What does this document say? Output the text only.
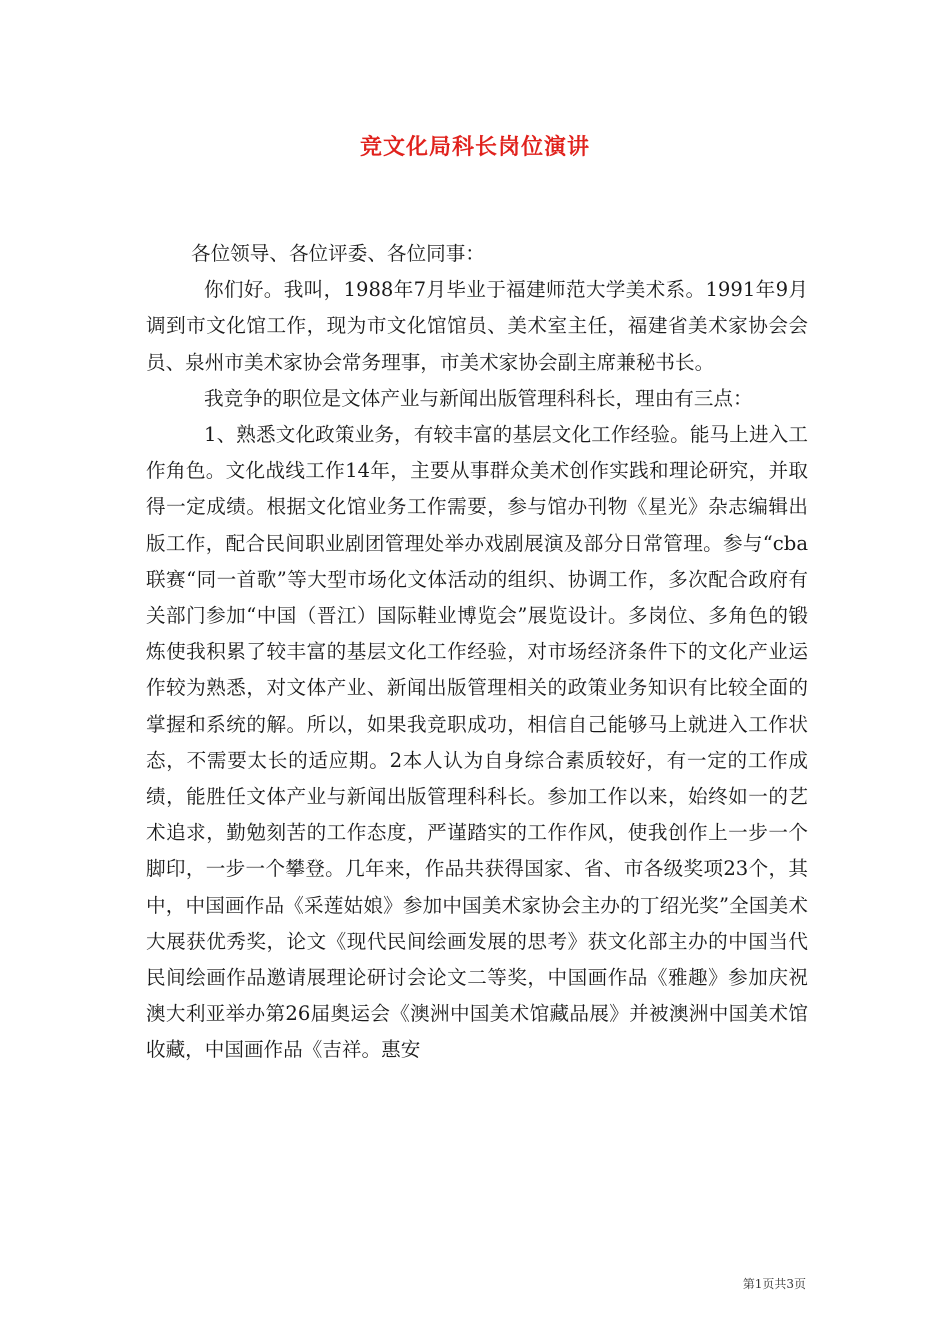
竞文化局科长岗位演讲

各位领导、各位评委、各位同事：

你们好。我叫，1988年7月毕业于福建师范大学美术系。1991年9月调到市文化馆工作，现为市文化馆馆员、美术室主任，福建省美术家协会会员、泉州市美术家协会常务理事，市美术家协会副主席兼秘书长。

我竞争的职位是文体产业与新闻出版管理科科长，理由有三点：

1、熟悉文化政策业务，有较丰富的基层文化工作经验。能马上进入工作角色。文化战线工作14年，主要从事群众美术创作实践和理论研究，并取得一定成绩。根据文化馆业务工作需要，参与馆办刊物《星光》杂志编辑出版工作，配合民间职业剧团管理处举办戏剧展演及部分日常管理。参与“cba联赛“同一首歌”等大型市场化文体活动的组织、协调工作，多次配合政府有关部门参加“中国（晋江）国际鞋业博览会”展览设计。多岗位、多角色的锻炼使我积累了较丰富的基层文化工作经验，对市场经济条件下的文化产业运作较为熟悉，对文体产业、新闻出版管理相关的政策业务知识有比较全面的掌握和系统的解。所以，如果我竞职成功，相信自己能够马上就进入工作状态，不需要太长的适应期。2本人认为自身综合素质较好，有一定的工作成绩，能胜任文体产业与新闻出版管理科科长。参加工作以来，始终如一的艺术追求，勤勉刻苦的工作态度，严谨踏实的工作作风，使我创作上一步一个脚印，一步一个攀登。几年来，作品共获得国家、省、市各级奖项23个，其中，中国画作品《采莲姑娘》参加中国美术家协会主办的丁绍光奖”全国美术大展获优秀奖，论文《现代民间绘画发展的思考》获文化部主办的中国当代民间绘画作品邀请展理论研讨会论文二等奖，中国画作品《雅趣》参加庆祝澳大利亚举办第26届奥运会《澳洲中国美术馆藏品展》并被澳洲中国美术馆收藏，中国画作品《吉祥。惠安

第1页共3页
